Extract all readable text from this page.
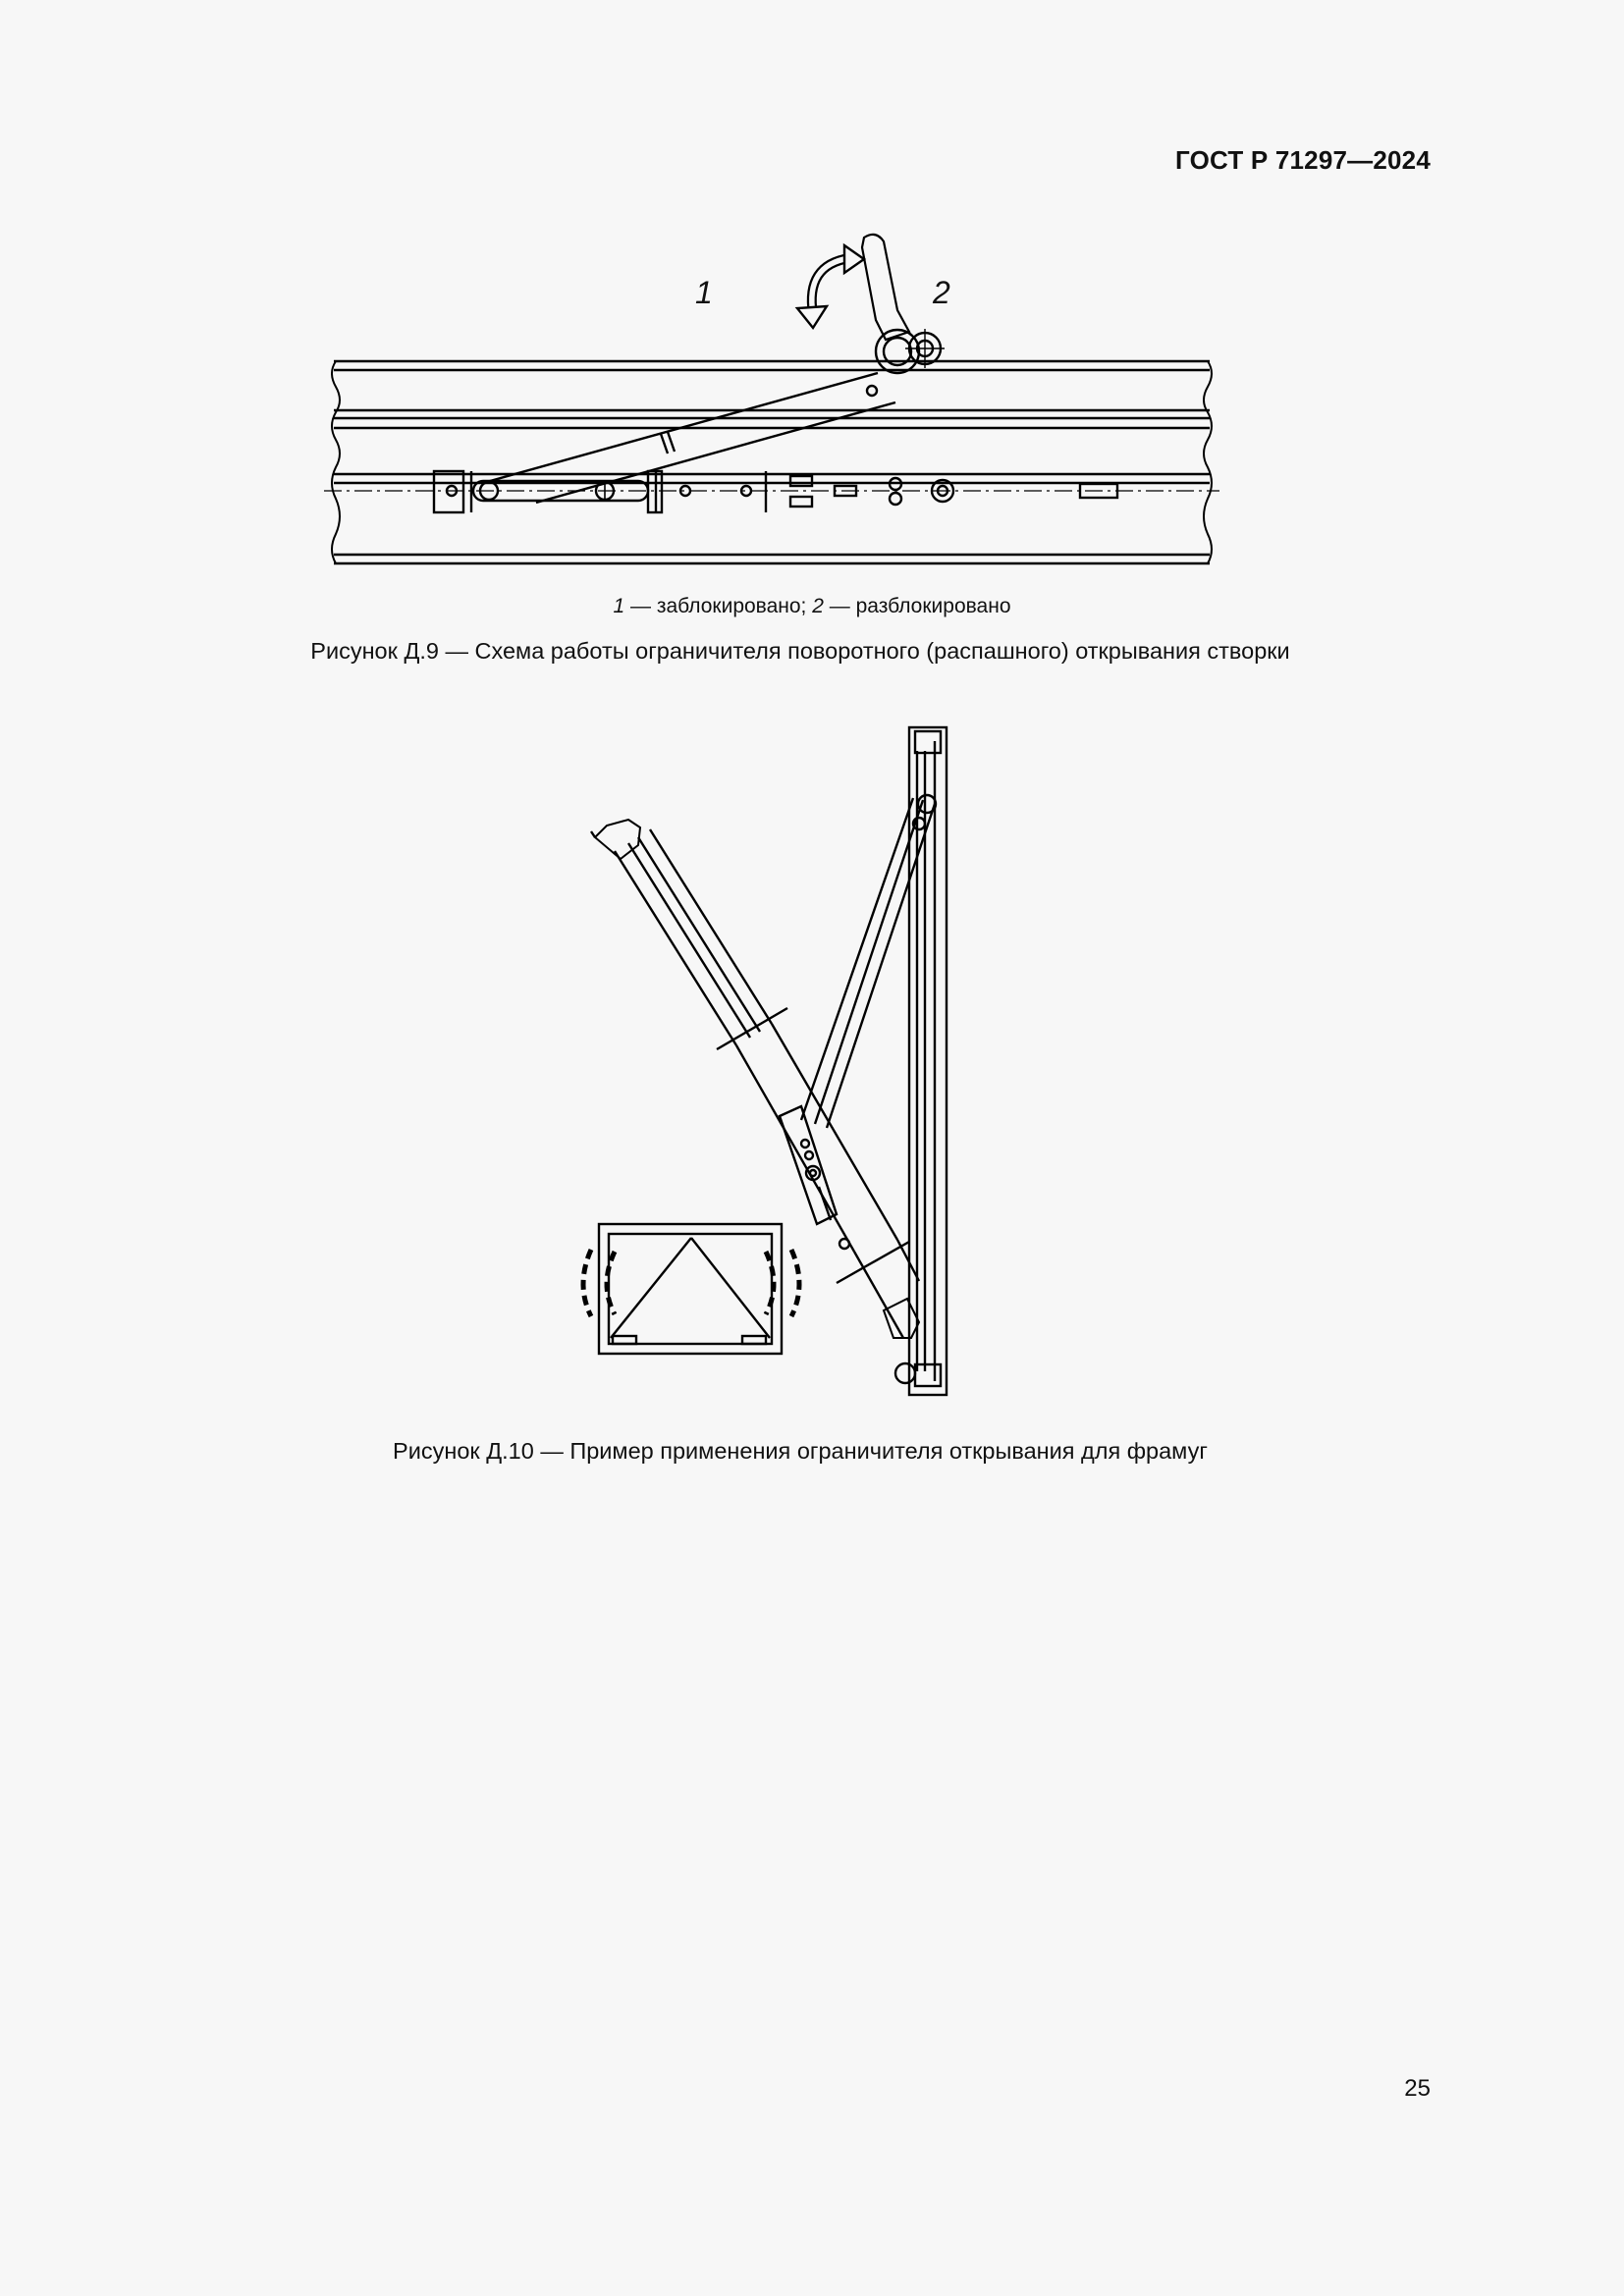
ГОСТ Р 71297—2024
1	2
1 — заблокировано; 2 — разблокировано
Рисунок Д.9 — Схема работы ограничителя поворотного (распашного) открывания створки
Рисунок Д.10 — Пример применения ограничителя открывания для фрамуг
25
